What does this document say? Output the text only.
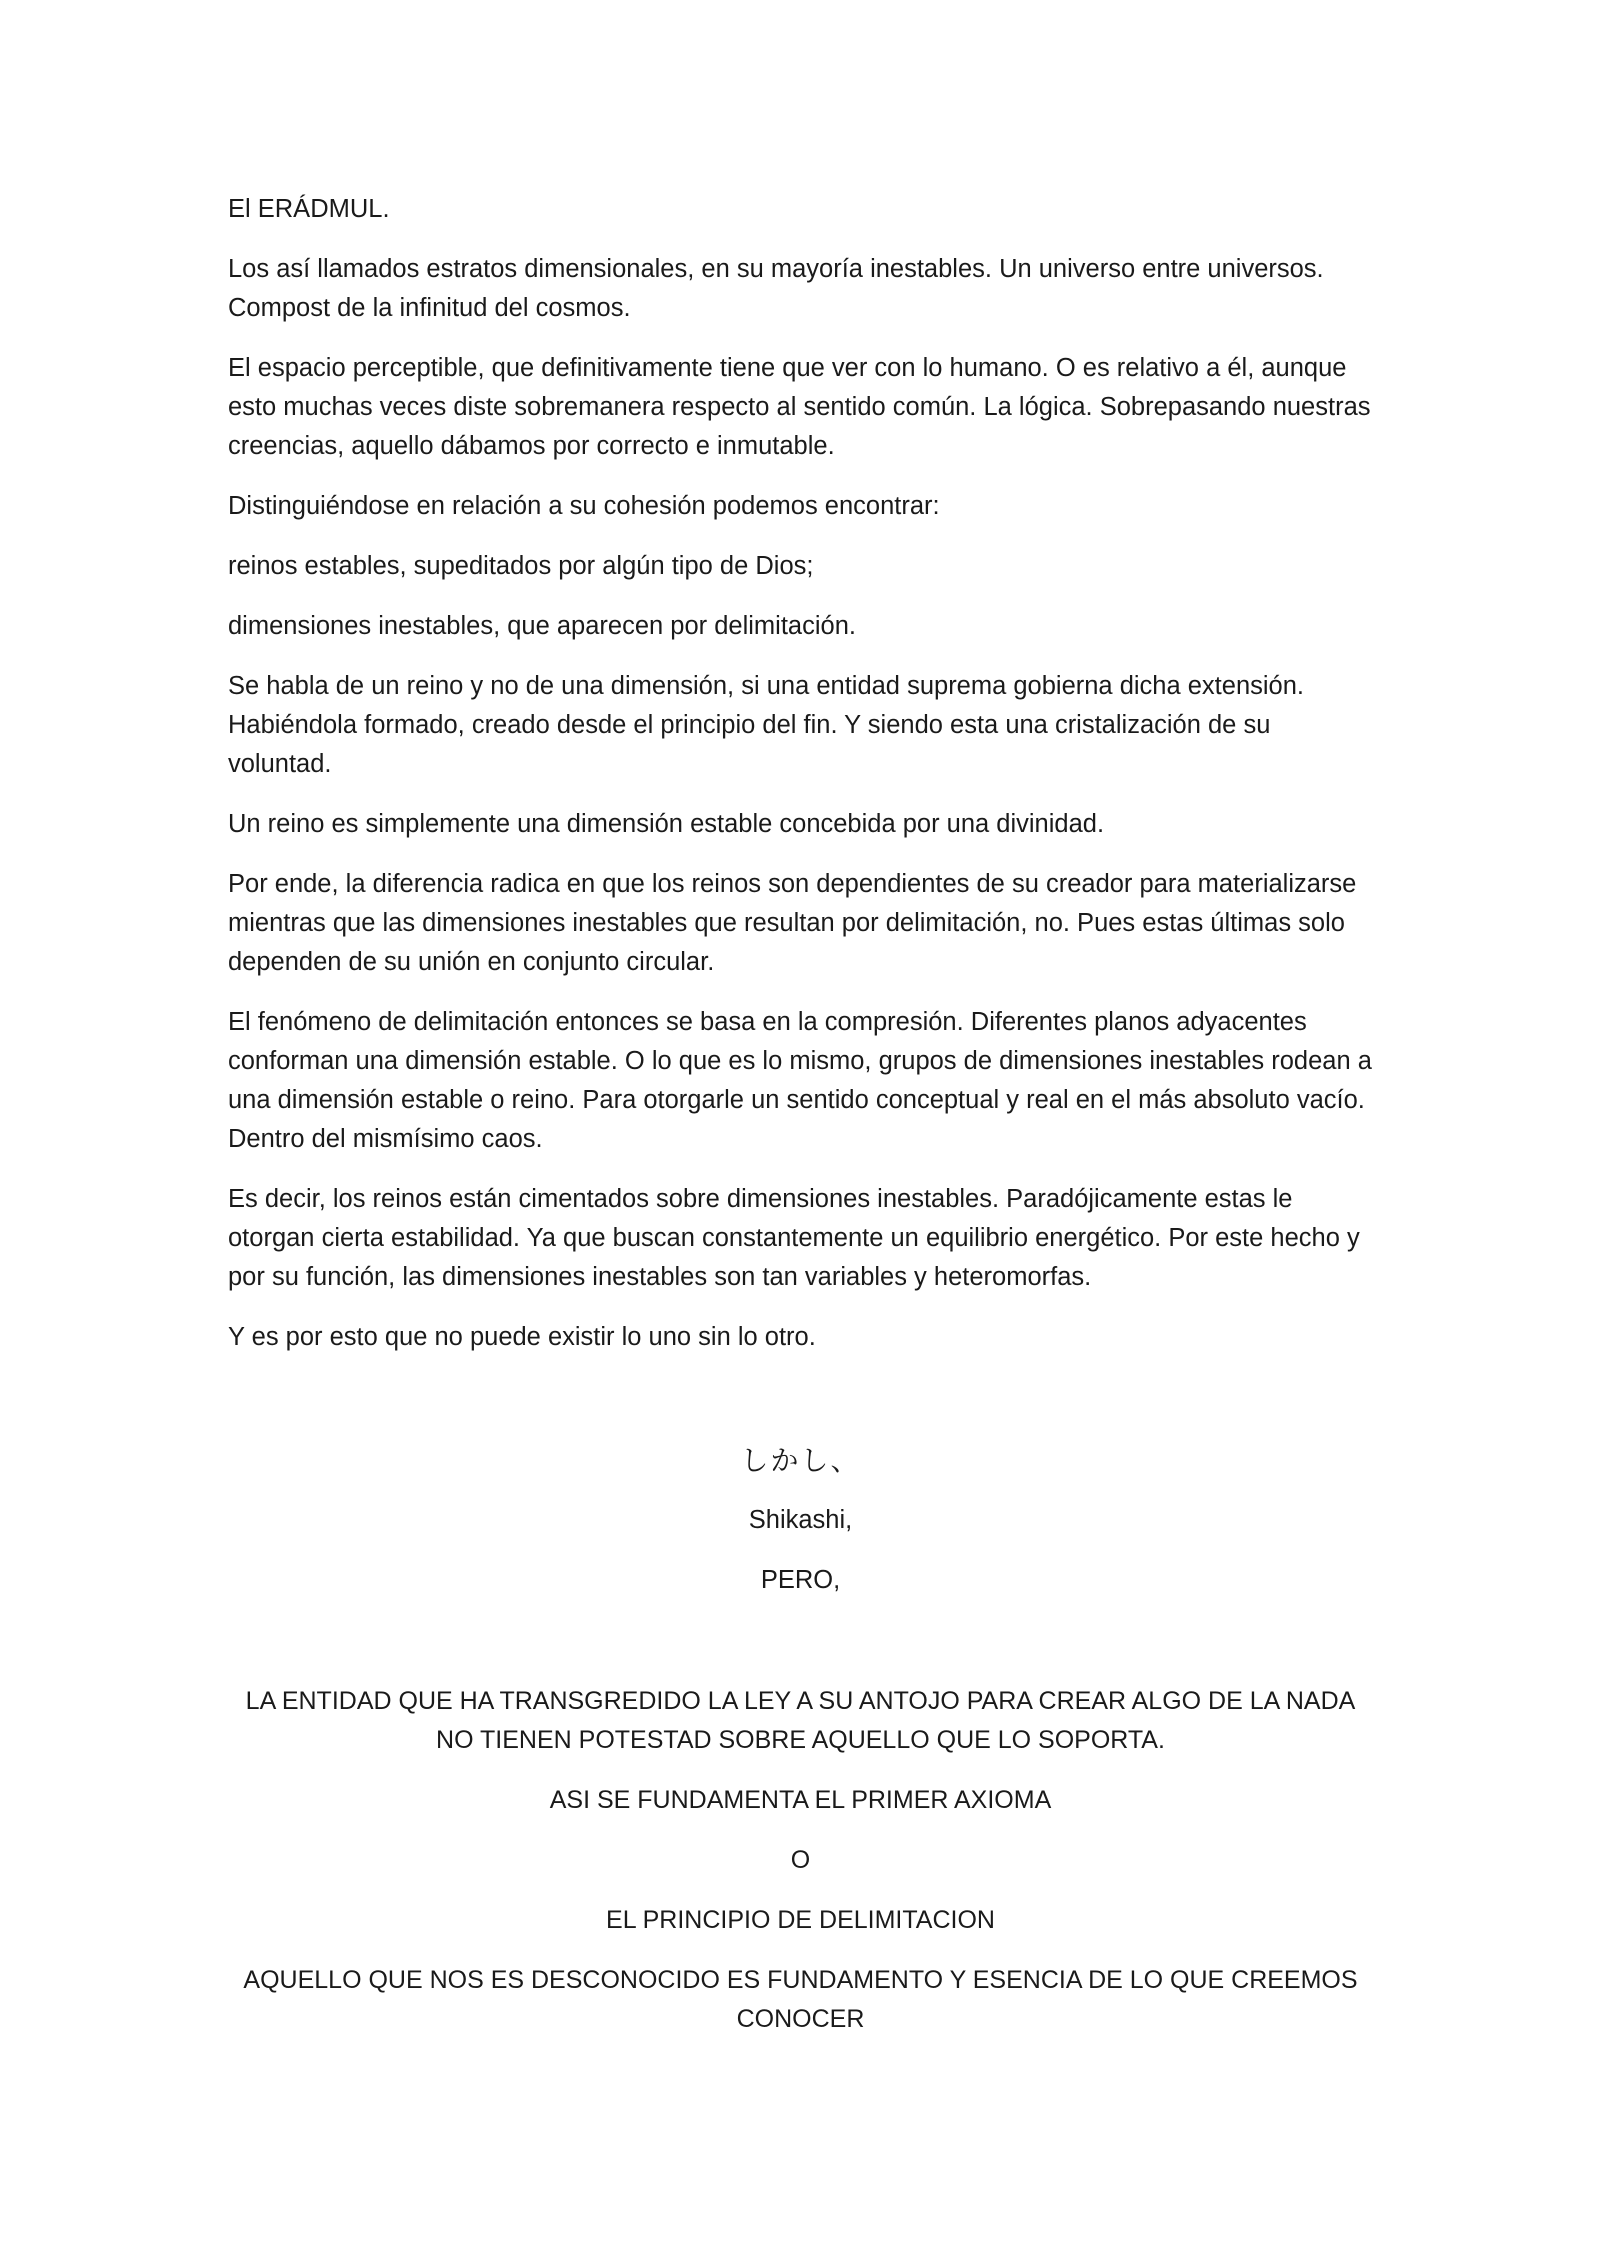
El ERÁDMUL.

Los así llamados estratos dimensionales, en su mayoría inestables. Un universo entre universos. Compost de la infinitud del cosmos.

El espacio perceptible, que definitivamente tiene que ver con lo humano. O es relativo a él, aunque esto muchas veces diste sobremanera respecto al sentido común. La lógica. Sobrepasando nuestras creencias, aquello dábamos por correcto e inmutable.

Distinguiéndose en relación a su cohesión podemos encontrar:

reinos estables, supeditados por algún tipo de Dios;

dimensiones inestables, que aparecen por delimitación.

Se habla de un reino y no de una dimensión, si una entidad suprema gobierna dicha extensión. Habiéndola formado, creado desde el principio del fin. Y siendo esta una cristalización de su voluntad.

Un reino es simplemente una dimensión estable concebida por una divinidad.

Por ende, la diferencia radica en que los reinos son dependientes de su creador para materializarse mientras que las dimensiones inestables que resultan por delimitación, no. Pues estas últimas solo dependen de su unión en conjunto circular.

El fenómeno de delimitación entonces se basa en la compresión. Diferentes planos adyacentes conforman una dimensión estable. O lo que es lo mismo, grupos de dimensiones inestables rodean a una dimensión estable o reino. Para otorgarle un sentido conceptual y real en el más absoluto vacío. Dentro del mismísimo caos.

Es decir, los reinos están cimentados sobre dimensiones inestables. Paradójicamente estas le otorgan cierta estabilidad. Ya que buscan constantemente un equilibrio energético. Por este hecho y por su función, las dimensiones inestables son tan variables y heteromorfas.

Y es por esto que no puede existir lo uno sin lo otro.

しかし、

Shikashi,

PERO,

LA ENTIDAD QUE HA TRANSGREDIDO LA LEY A SU ANTOJO PARA CREAR ALGO DE LA NADA NO TIENEN POTESTAD SOBRE AQUELLO QUE LO SOPORTA.

ASI SE FUNDAMENTA EL PRIMER AXIOMA

O

EL PRINCIPIO DE DELIMITACION

AQUELLO QUE NOS ES DESCONOCIDO ES FUNDAMENTO Y ESENCIA DE LO QUE CREEMOS CONOCER
